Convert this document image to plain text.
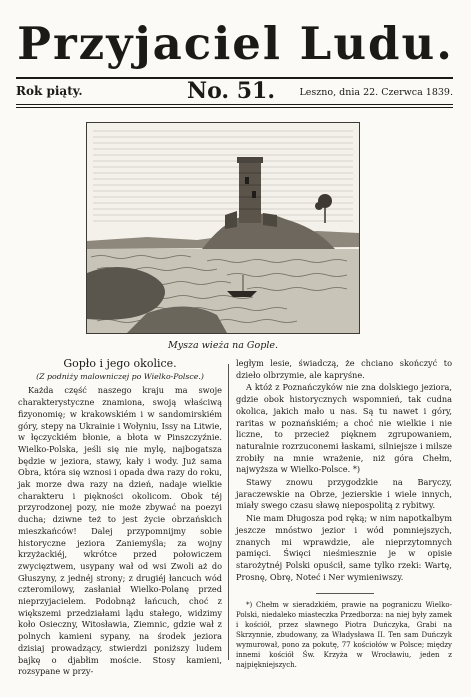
Przyjaciel Ludu.
Rok piąty.	No. 51.	Leszno, dnia 22. Czerwca 1839.
Mysza wieża na Gople.
Gopło i jego okolice.
(Z podniży malowniczej po Wielko-Polsce.)

Każda część naszego kraju ma swoje charakterystyczne znamiona, swoją właściwą fizyonomię; w krakowskiém i w sandomirskiém góry, stepy na Ukrainie i Wołyniu, Issy na Litwie, w łęczyckiém błonie, a błota w Pinszczyźnie. Wielko-Polska, jeśli się nie mylę, najbogatsza będzie w jeziora, stawy, kały i wody. Już sama Obra, która się wznosi i opada dwa razy do roku, jak morze dwa razy na dzień, nadaje wielkie charakteru i piękności okolicom. Obok téj przyrodzonej pozy, nie może zbywać na poezyi ducha; dziwne też to jest życie obrzańskich mieszkańców! Dalej przypomnijmy sobie historyczne jeziora Zaniemyśla; za wojny krzyżackiéj, wkrótce przed połowiczem zwycięztwem, usypany wał od wsi Zwoli aż do Głuszyny, z jednéj strony; z drugiéj łancuch wód czteromilowy, zasłaniał Wielko-Polanę przed nieprzyjacielem. Podobnąż łańcuch, choć z większemi przedziałami lądu stałego, widzimy koło Osieczny, Witosławia, Ziemnic, gdzie wał z polnych kamieni sypany, na środek jeziora dzisiaj prowadzący, stwierdzi poniższy ludem bajkę o djabłim moście. Stosy kamieni, rozsypane w przy-

ległym lesie, świadczą, że chciano skończyć to dzieło olbrzymie, ale kapryśne.

A któż z Poznańczyków nie zna dolskiego jeziora, gdzie obok historycznych wspomnień, tak cudna okolica, jakich mało u nas. Są tu nawet i góry, raritas w poznańskiém; a choć nie wielkie i nie liczne, to przecież pięknem zgrupowaniem, naturalnie rozrzuconemi łaskami, silniejsze i milsze zrobiły na mnie wrażenie, niż góra Chełm, najwyższa w Wielko-Polsce. *)

Stawy znowu przygodzkie na Baryczy, jaraczewskie na Obrze, jezierskie i wiele innych, miały swego czasu sławę niepospolitą z rybitwy.

Nie mam Długosza pod ręką; w nim napotkalbym jeszcze mnóstwo jezior i wód pomniejszych, znanych mi wprawdzie, ale nieprzytomnych pamięci. Święci nieśmiesznie je w opisie starożytnéj Polski opuścił, same tylko rzeki: Wartę, Prosnę, Obrę, Noteć i Ner wymieniwszy.

*) Chełm w sieradzkiém, prawie na pograniczu Wielko-Polski, niedaleko miasteczka Przedborza: na niej były zamek i kościół, przez sławnego Piotra Duńczyka, Grabi na Skrzynnie, zbudowany, za Władysława II. Ten sam Duńczyk wymurował, pono za pokutę, 77 kościołów w Polsce; między innemi kościół Św. Krzyża w Wrocławiu, jeden z najpiękniejszych.
